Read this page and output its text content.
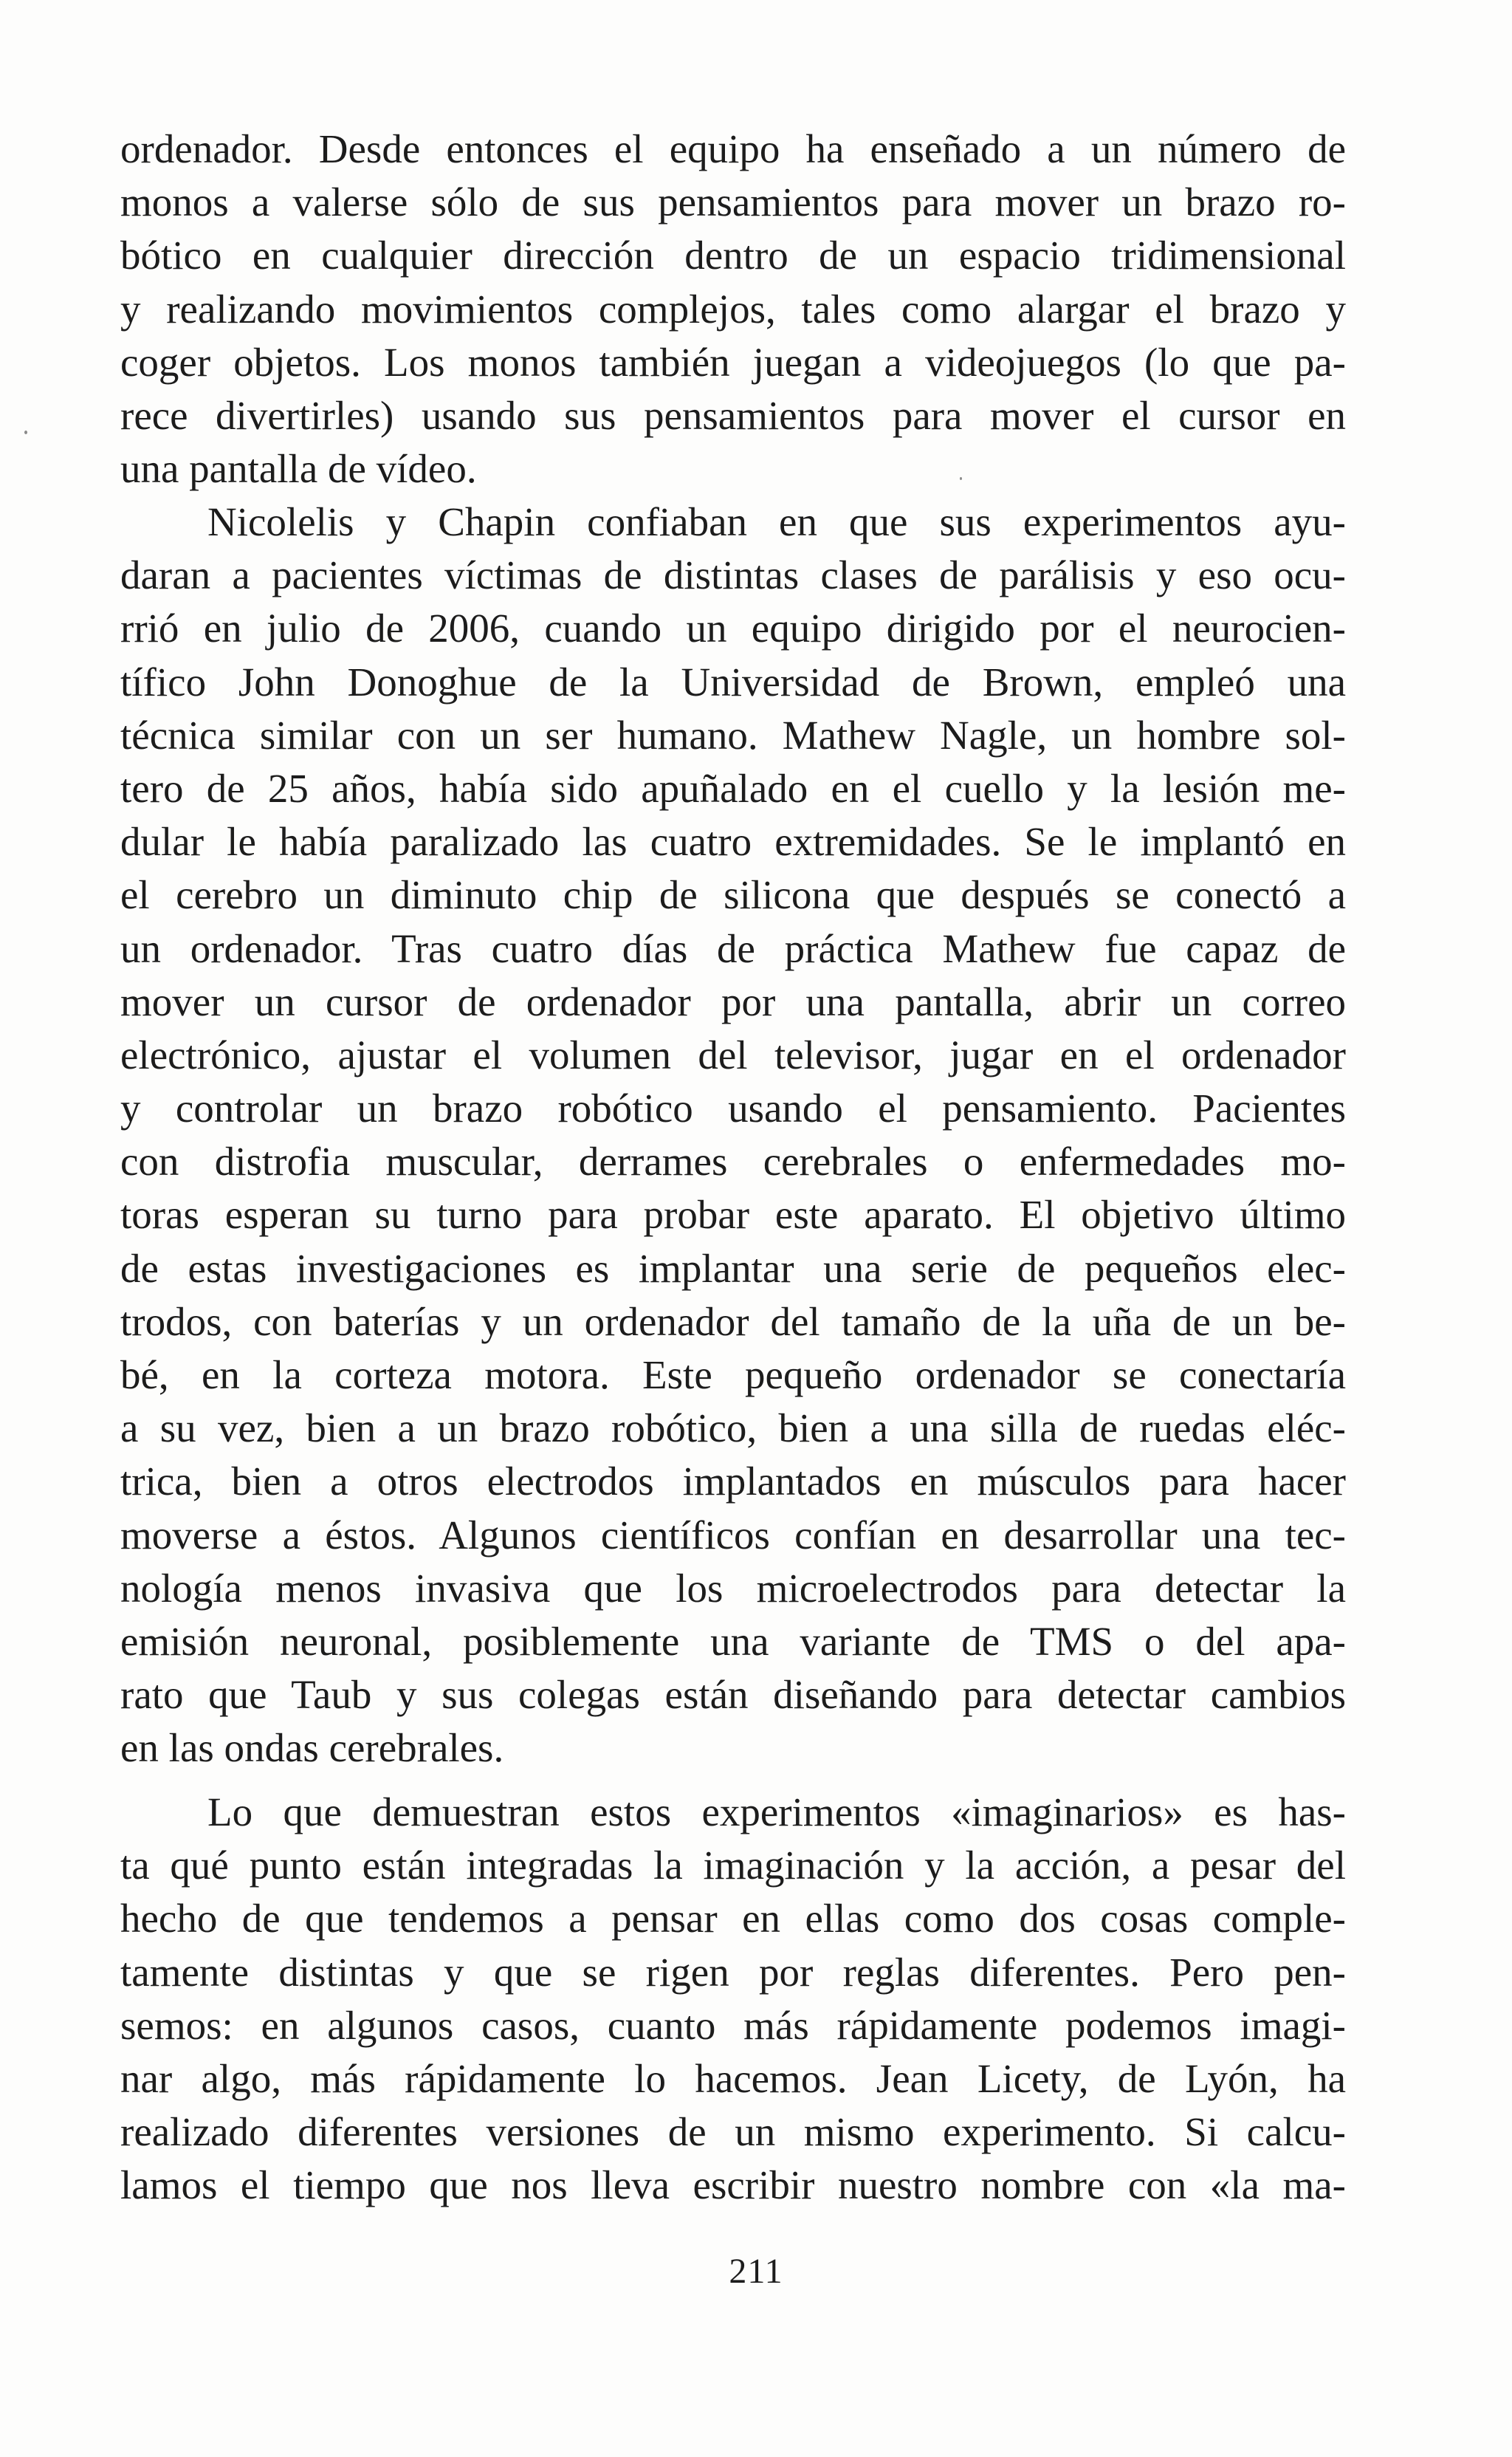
ordenador. Desde entonces el equipo ha enseñado a un número de
monos a valerse sólo de sus pensamientos para mover un brazo ro-
bótico en cualquier dirección dentro de un espacio tridimensional
y realizando movimientos complejos, tales como alargar el brazo y
coger objetos. Los monos también juegan a videojuegos (lo que pa-
rece divertirles) usando sus pensamientos para mover el cursor en
una pantalla de vídeo.
Nicolelis y Chapin confiaban en que sus experimentos ayu-
daran a pacientes víctimas de distintas clases de parálisis y eso ocu-
rrió en julio de 2006, cuando un equipo dirigido por el neurocien-
tífico John Donoghue de la Universidad de Brown, empleó una
técnica similar con un ser humano. Mathew Nagle, un hombre sol-
tero de 25 años, había sido apuñalado en el cuello y la lesión me-
dular le había paralizado las cuatro extremidades. Se le implantó en
el cerebro un diminuto chip de silicona que después se conectó a
un ordenador. Tras cuatro días de práctica Mathew fue capaz de
mover un cursor de ordenador por una pantalla, abrir un correo
electrónico, ajustar el volumen del televisor, jugar en el ordenador
y controlar un brazo robótico usando el pensamiento. Pacientes
con distrofia muscular, derrames cerebrales o enfermedades mo-
toras esperan su turno para probar este aparato. El objetivo último
de estas investigaciones es implantar una serie de pequeños elec-
trodos, con baterías y un ordenador del tamaño de la uña de un be-
bé, en la corteza motora. Este pequeño ordenador se conectaría
a su vez, bien a un brazo robótico, bien a una silla de ruedas eléc-
trica, bien a otros electrodos implantados en músculos para hacer
moverse a éstos. Algunos científicos confían en desarrollar una tec-
nología menos invasiva que los microelectrodos para detectar la
emisión neuronal, posiblemente una variante de TMS o del apa-
rato que Taub y sus colegas están diseñando para detectar cambios
en las ondas cerebrales.
Lo que demuestran estos experimentos «imaginarios» es has-
ta qué punto están integradas la imaginación y la acción, a pesar del
hecho de que tendemos a pensar en ellas como dos cosas comple-
tamente distintas y que se rigen por reglas diferentes. Pero pen-
semos: en algunos casos, cuanto más rápidamente podemos imagi-
nar algo, más rápidamente lo hacemos. Jean Licety, de Lyón, ha
realizado diferentes versiones de un mismo experimento. Si calcu-
lamos el tiempo que nos lleva escribir nuestro nombre con «la ma-
211
